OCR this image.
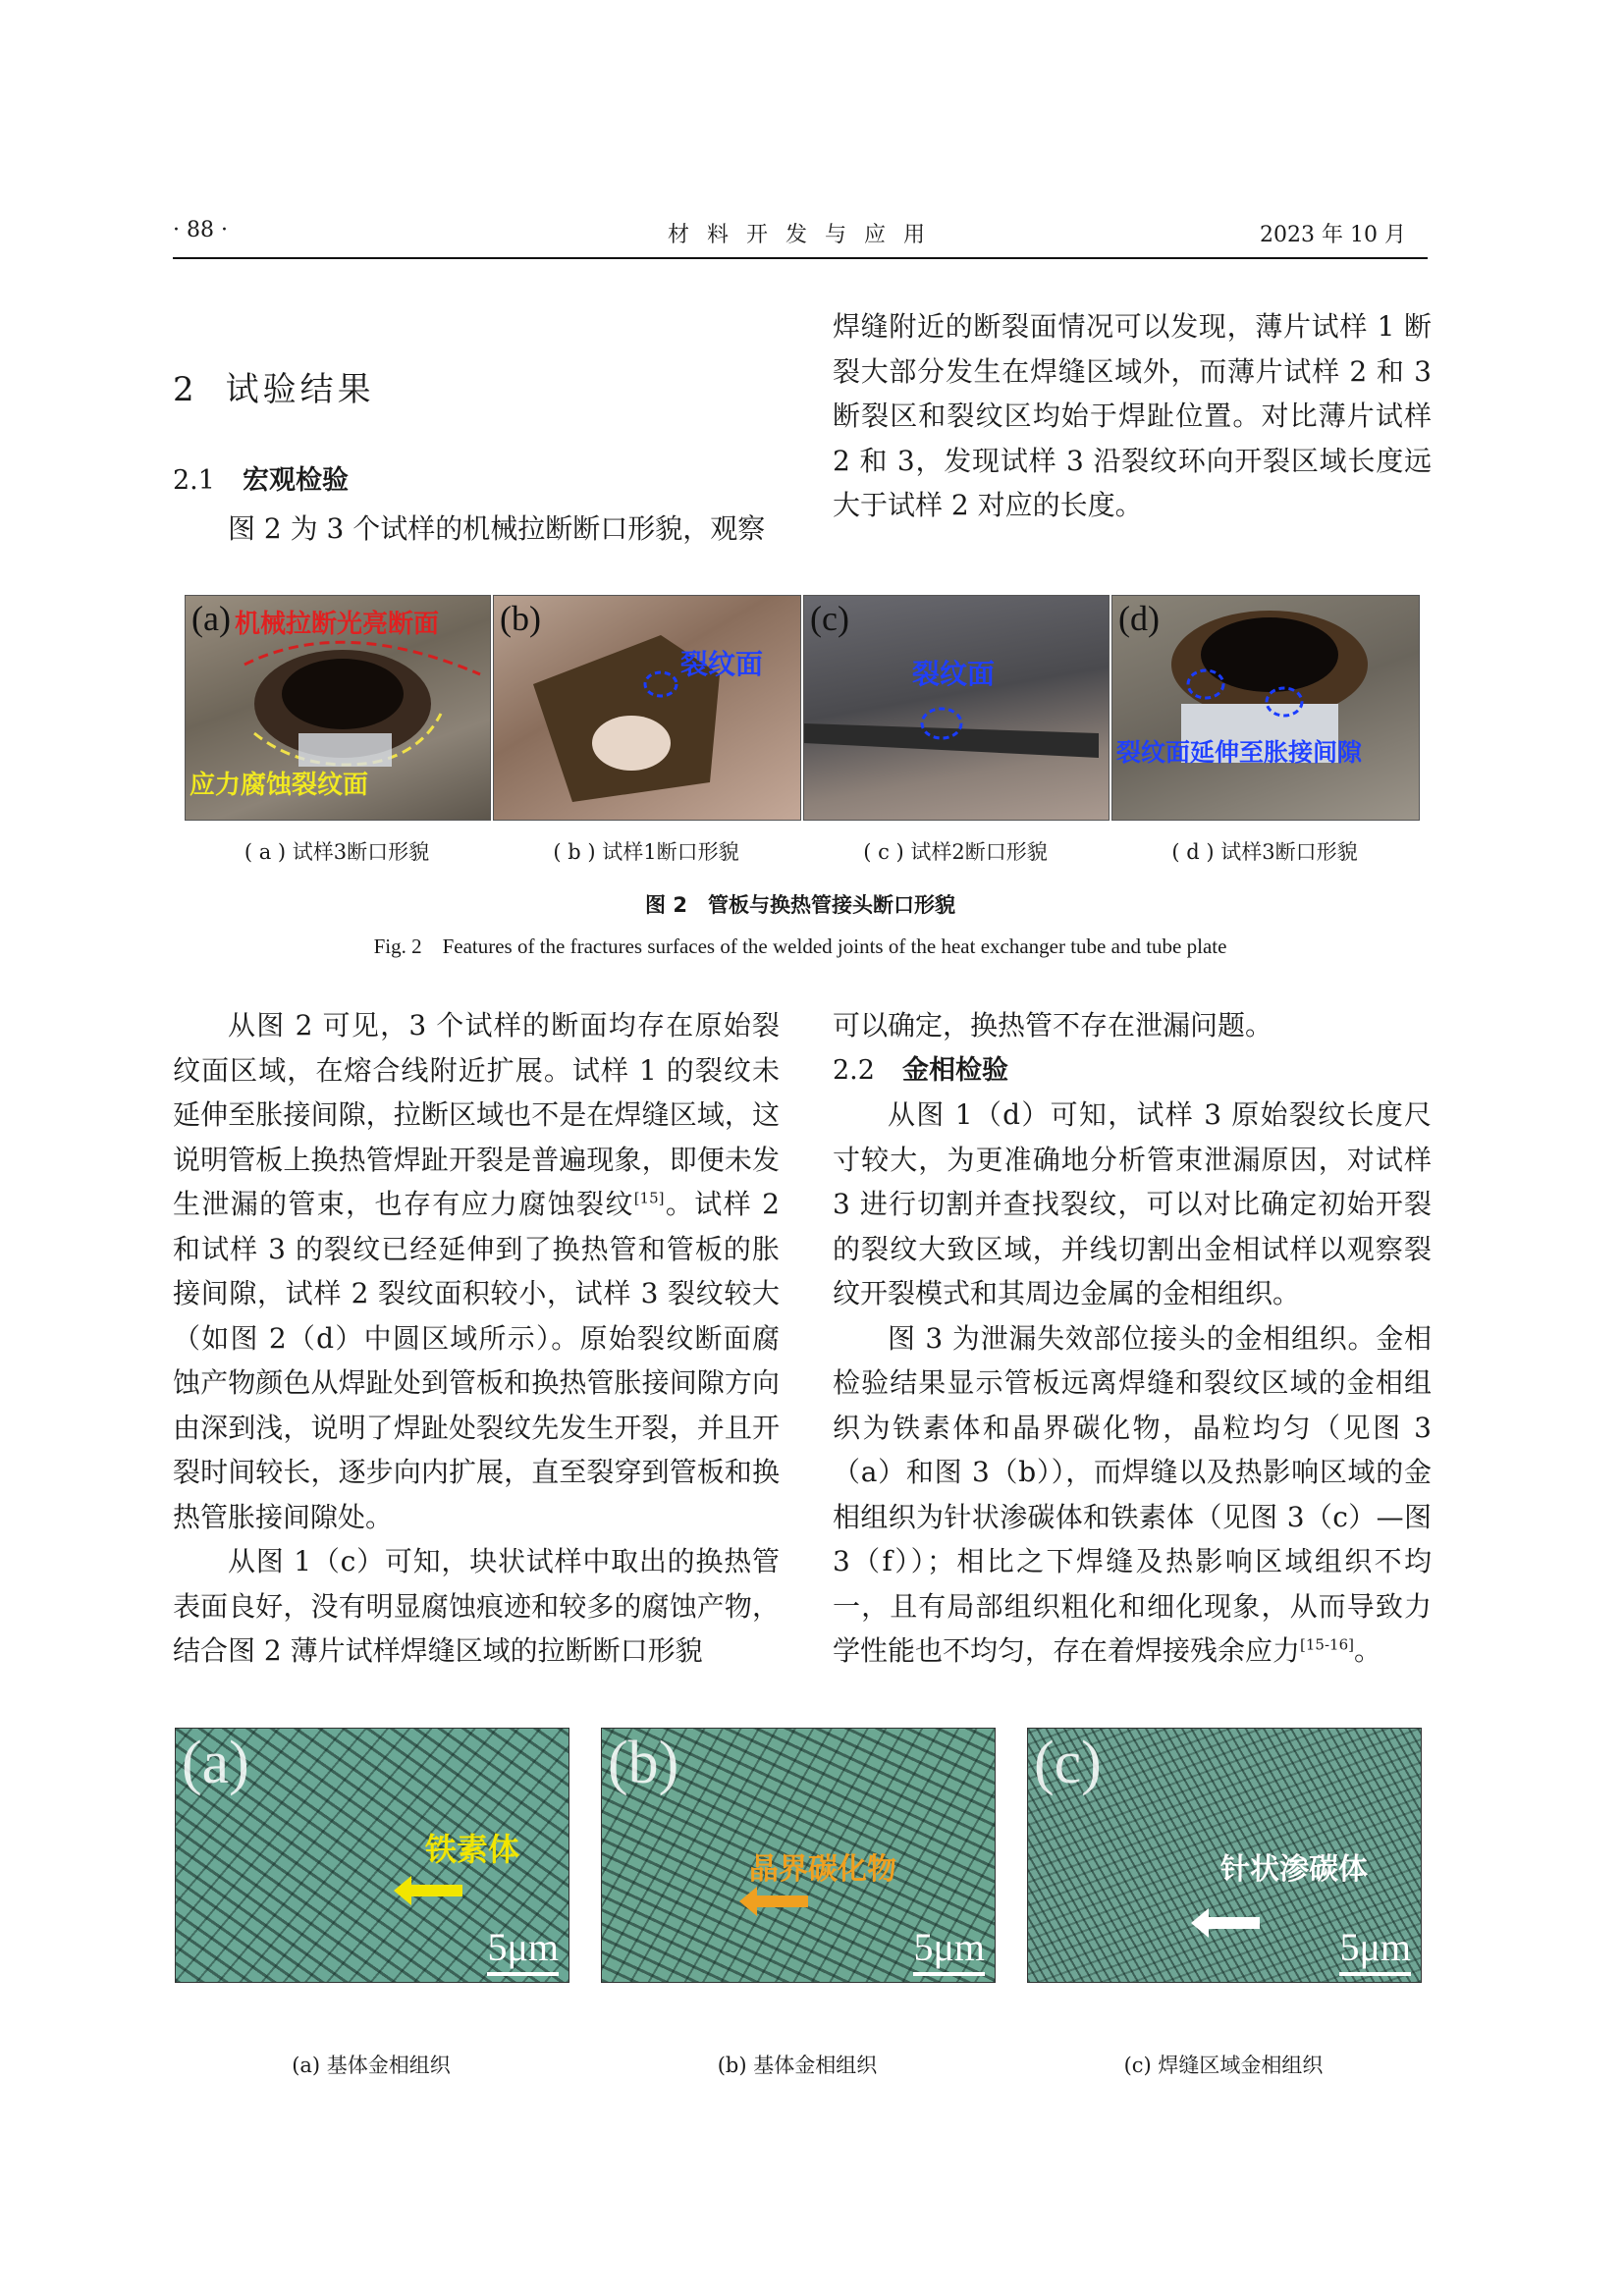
· 88 ·	材料开发与应用	2023 年 10 月
2 试验结果
2.1 宏观检验

图 2 为 3 个试样的机械拉断断口形貌，观察

焊缝附近的断裂面情况可以发现，薄片试样 1 断裂大部分发生在焊缝区域外，而薄片试样 2 和 3 断裂区和裂纹区均始于焊趾位置。对比薄片试样 2 和 3，发现试样 3 沿裂纹环向开裂区域长度远大于试样 2 对应的长度。

(a) 机械拉断光亮断面
应力腐蚀裂纹面
(b)
裂纹面
(c)
裂纹面
(d)
裂纹面延伸至胀接间隙
( a ) 试样3断口形貌	( b ) 试样1断口形貌	( c ) 试样2断口形貌	( d ) 试样3断口形貌
图 2　管板与换热管接头断口形貌
Fig. 2　Features of the fractures surfaces of the welded joints of the heat exchanger tube and tube plate

从图 2 可见，3 个试样的断面均存在原始裂纹面区域，在熔合线附近扩展。试样 1 的裂纹未延伸至胀接间隙，拉断区域也不是在焊缝区域，这说明管板上换热管焊趾开裂是普遍现象，即便未发生泄漏的管束，也存有应力腐蚀裂纹[15]。试样 2 和试样 3 的裂纹已经延伸到了换热管和管板的胀接间隙，试样 2 裂纹面积较小，试样 3 裂纹较大（如图 2（d）中圆区域所示）。原始裂纹断面腐蚀产物颜色从焊趾处到管板和换热管胀接间隙方向由深到浅，说明了焊趾处裂纹先发生开裂，并且开裂时间较长，逐步向内扩展，直至裂穿到管板和换热管胀接间隙处。

从图 1（c）可知，块状试样中取出的换热管表面良好，没有明显腐蚀痕迹和较多的腐蚀产物，结合图 2 薄片试样焊缝区域的拉断断口形貌

可以确定，换热管不存在泄漏问题。

2.2 金相检验

从图 1（d）可知，试样 3 原始裂纹长度尺寸较大，为更准确地分析管束泄漏原因，对试样 3 进行切割并查找裂纹，可以对比确定初始开裂的裂纹大致区域，并线切割出金相试样以观察裂纹开裂模式和其周边金属的金相组织。

图 3 为泄漏失效部位接头的金相组织。金相检验结果显示管板远离焊缝和裂纹区域的金相组织为铁素体和晶界碳化物，晶粒均匀（见图 3（a）和图 3（b）），而焊缝以及热影响区域的金相组织为针状渗碳体和铁素体（见图 3（c）—图 3（f））；相比之下焊缝及热影响区域组织不均一，且有局部组织粗化和细化现象，从而导致力学性能也不均匀，存在着焊接残余应力[15-16]。

(a)
铁素体
5μm
(b)
晶界碳化物
5μm
(c)
针状渗碳体
5μm
(a) 基体金相组织	(b) 基体金相组织	(c) 焊缝区域金相组织
